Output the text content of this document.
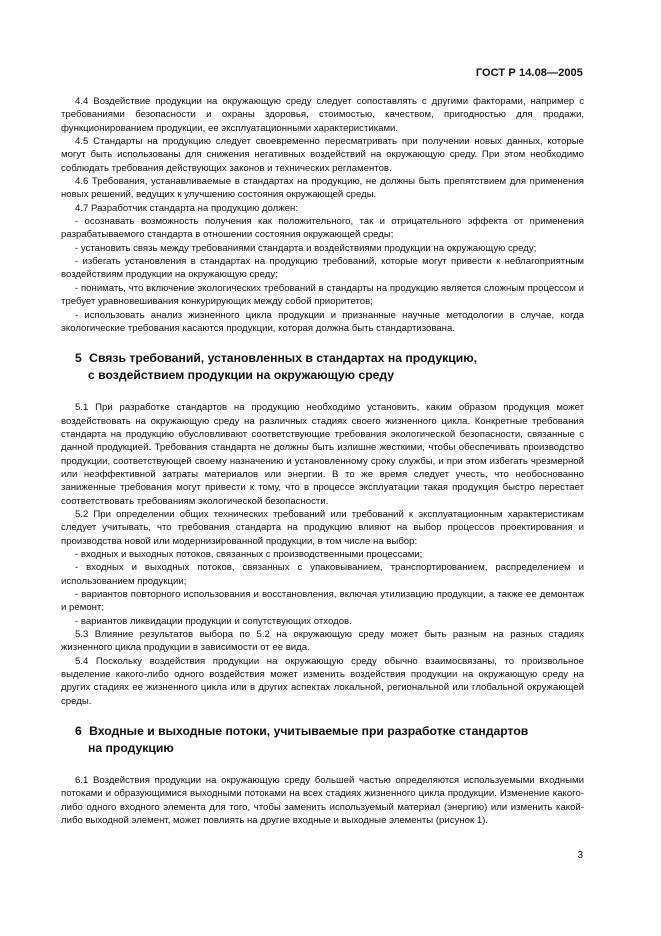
ГОСТ Р 14.08—2005

4.4 Воздействие продукции на окружающую среду следует сопоставлять с другими факторами, например с требованиями безопасности и охраны здоровья, стоимостью, качеством, пригодностью для продажи, функционированием продукции, ее эксплуатационными характеристиками.

4.5 Стандарты на продукцию следует своевременно пересматривать при получении новых данных, которые могут быть использованы для снижения негативных воздействий на окружающую среду. При этом необходимо соблюдать требования действующих законов и технических регламентов.

4.6 Требования, устанавливаемые в стандартах на продукцию, не должны быть препятствием для применения новых решений, ведущих к улучшению состояния окружающей среды.

4.7 Разработчик стандарта на продукцию должен:

- осознавать возможность получения как положительного, так и отрицательного эффекта от применения разрабатываемого стандарта в отношении состояния окружающей среды;

- установить связь между требованиями стандарта и воздействиями продукции на окружающую среду;

- избегать установления в стандартах на продукцию требований, которые могут привести к неблагоприятным воздействиям продукции на окружающую среду;

- понимать, что включение экологических требований в стандарты на продукцию является сложным процессом и требует уравновешивания конкурирующих между собой приоритетов;

- использовать анализ жизненного цикла продукции и признанные научные методологии в случае, когда экологические требования касаются продукции, которая должна быть стандартизована.

5 Связь требований, установленных в стандартах на продукцию,
с воздействием продукции на окружающую среду

5.1 При разработке стандартов на продукцию необходимо установить, каким образом продукция может воздействовать на окружающую среду на различных стадиях своего жизненного цикла. Конкретные требования стандарта на продукцию обусловливают соответствующие требования экологической безопасности, связанные с данной продукцией. Требования стандарта не должны быть излишне жесткими, чтобы обеспечивать производство продукции, соответствующей своему назначению и установленному сроку службы, и при этом избегать чрезмерной или неэффективной затраты материалов или энергии. В то же время следует учесть, что необоснованно заниженные требования могут привести к тому, что в процессе эксплуатации такая продукция быстро перестает соответствовать требованиям экологической безопасности.

5.2 При определении общих технических требований или требований к эксплуатационным характеристикам следует учитывать, что требования стандарта на продукцию влияют на выбор процессов проектирования и производства новой или модернизированной продукции, в том числе на выбор:

- входных и выходных потоков, связанных с производственными процессами;

- входных и выходных потоков, связанных с упаковыванием, транспортированием, распределением и использованием продукции;

- вариантов повторного использования и восстановления, включая утилизацию продукции, а также ее демонтаж и ремонт;

- вариантов ликвидации продукции и сопутствующих отходов.

5.3 Влияние результатов выбора по 5.2 на окружающую среду может быть разным на разных стадиях жизненного цикла продукции в зависимости от ее вида.

5.4 Поскольку воздействия продукции на окружающую среду обычно взаимосвязаны, то произвольное выделение какого-либо одного воздействия может изменить воздействия продукции на окружающую среду на других стадиях ее жизненного цикла или в других аспектах локальной, региональной или глобальной окружающей среды.

6 Входные и выходные потоки, учитываемые при разработке стандартов
на продукцию

6.1 Воздействия продукции на окружающую среду большей частью определяются используемыми входными потоками и образующимися выходными потоками на всех стадиях жизненного цикла продукции. Изменение какого-либо одного входного элемента для того, чтобы заменить используемый материал (энергию) или изменить какой-либо выходной элемент, может повлиять на другие входные и выходные элементы (рисунок 1).

3
